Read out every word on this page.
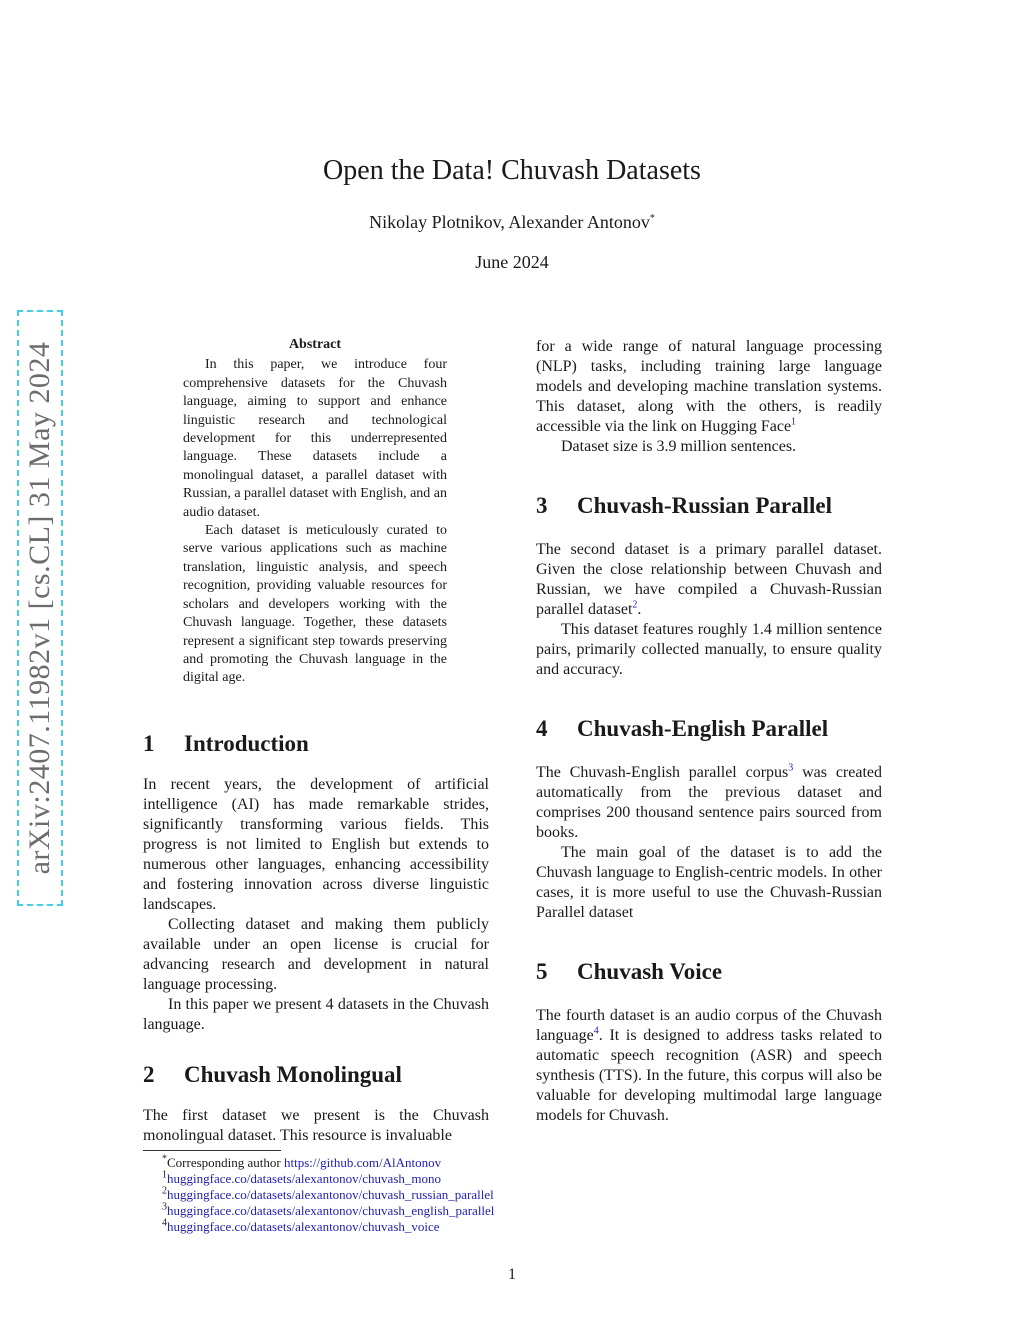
Open the Data! Chuvash Datasets
Nikolay Plotnikov, Alexander Antonov*
June 2024
arXiv:2407.11982v1 [cs.CL] 31 May 2024	Abstract

In this paper, we introduce four comprehensive datasets for the Chuvash language, aiming to support and enhance linguistic research and technological development for this underrepresented language. These datasets include a monolingual dataset, a parallel dataset with Russian, a parallel dataset with English, and an audio dataset.

Each dataset is meticulously curated to serve various applications such as machine translation, linguistic analysis, and speech recognition, providing valuable resources for scholars and developers working with the Chuvash language. Together, these datasets represent a significant step towards preserving and promoting the Chuvash language in the digital age.

1 Introduction

In recent years, the development of artificial intelligence (AI) has made remarkable strides, significantly transforming various fields. This progress is not limited to English but extends to numerous other languages, enhancing accessibility and fostering innovation across diverse linguistic landscapes.

Collecting dataset and making them publicly available under an open license is crucial for advancing research and development in natural language processing.

In this paper we present 4 datasets in the Chuvash language.

2 Chuvash Monolingual

The first dataset we present is the Chuvash monolingual dataset. This resource is invaluable

for a wide range of natural language processing (NLP) tasks, including training large language models and developing machine translation systems. This dataset, along with the others, is readily accessible via the link on Hugging Face$^1$

Dataset size is 3.9 million sentences.

3 Chuvash-Russian Parallel

The second dataset is a primary parallel dataset. Given the close relationship between Chuvash and Russian, we have compiled a Chuvash-Russian parallel dataset$^2$.

This dataset features roughly 1.4 million sentence pairs, primarily collected manually, to ensure quality and accuracy.

4 Chuvash-English Parallel

The Chuvash-English parallel corpus$^3$ was created automatically from the previous dataset and comprises 200 thousand sentence pairs sourced from books.

The main goal of the dataset is to add the Chuvash language to English-centric models. In other cases, it is more useful to use the Chuvash-Russian Parallel dataset

5 Chuvash Voice

The fourth dataset is an audio corpus of the Chuvash language$^4$. It is designed to address tasks related to automatic speech recognition (ASR) and speech synthesis (TTS). In the future, this corpus will also be valuable for developing multimodal large language models for Chuvash.

*Corresponding author https://github.com/AlAntonov
$^1$huggingface.co/datasets/alexantonov/chuvash_mono
$^2$huggingface.co/datasets/alexantonov/chuvash_russian_parallel
$^3$huggingface.co/datasets/alexantonov/chuvash_english_parallel
$^4$huggingface.co/datasets/alexantonov/chuvash_voice
1
